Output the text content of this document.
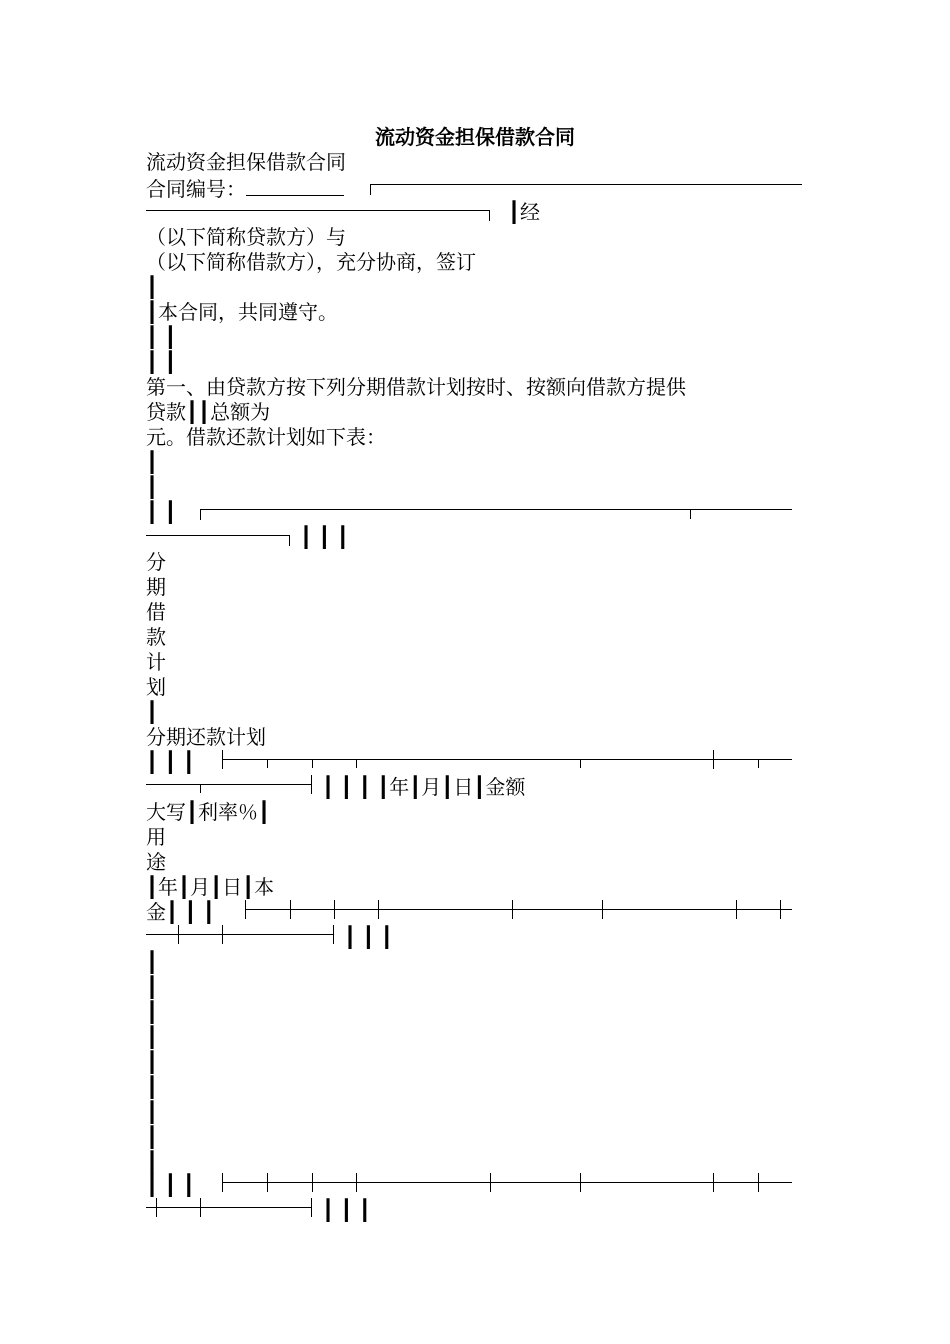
流动资金担保借款合同
流动资金担保借款合同
合同编号：
┃经
（以下简称贷款方）与
（以下简称借款方），充分协商，签订
┃
┃本合同，共同遵守。
┃ ┃
┃ ┃
第一、由贷款方按下列分期借款计划按时、按额向借款方提供
贷款┃┃总额为
元。借款还款计划如下表：
┃
┃
┃ ┃
┃ ┃ ┃
分
期
借
款
计
划
┃
分期还款计划
┃ ┃ ┃
┃ ┃ ┃ ┃年┃月┃日┃金额
大写┃利率％┃
用
途
┃年┃月┃日┃本
金┃ ┃ ┃
┃ ┃ ┃
┃
┃
┃
┃
┃
┃
┃
┃
┃
┃ ┃ ┃
┃ ┃ ┃
